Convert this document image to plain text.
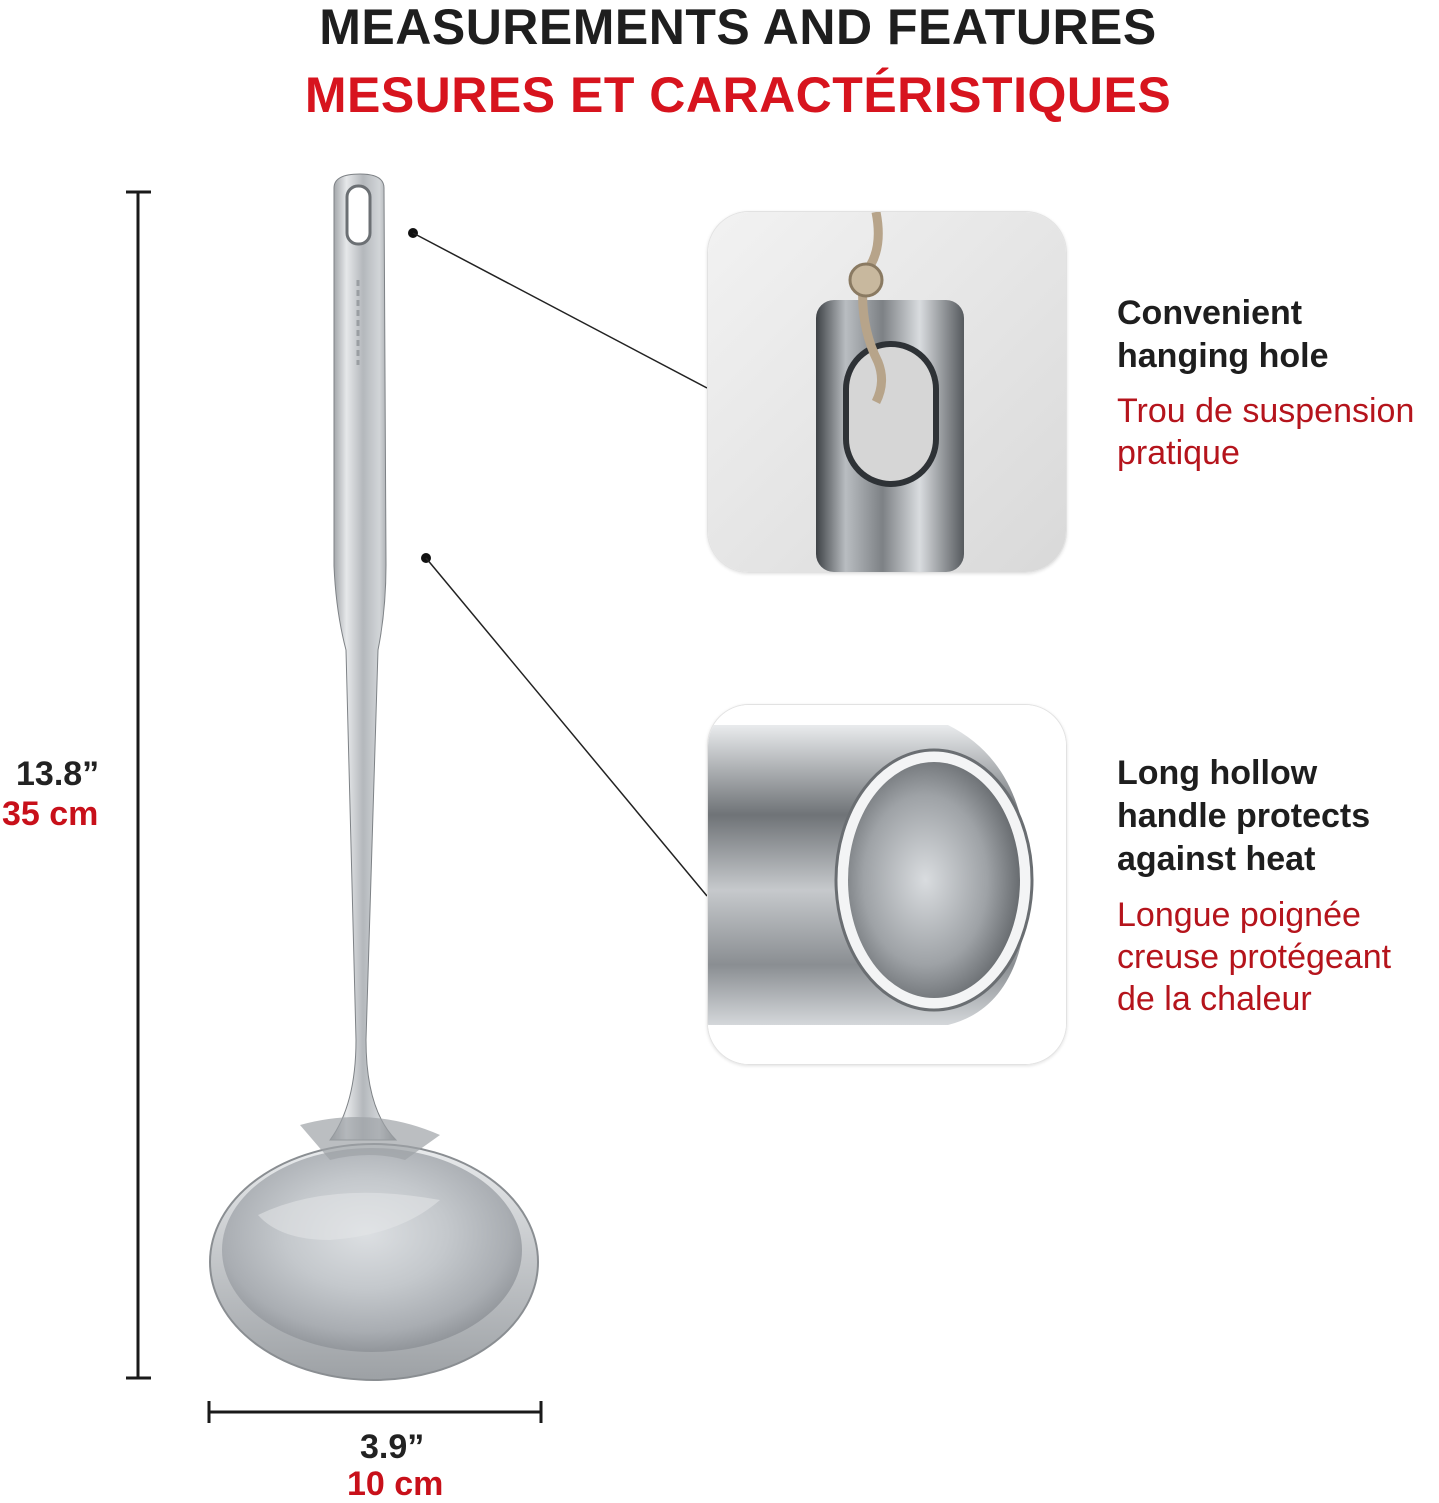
MEASUREMENTS AND FEATURES
MESURES ET CARACTÉRISTIQUES

Convenient hanging hole

Trou de suspension pratique

Long hollow handle protects against heat

Longue poignée creuse protégeant de la chaleur

13.8”
35 cm
3.9”
10 cm
